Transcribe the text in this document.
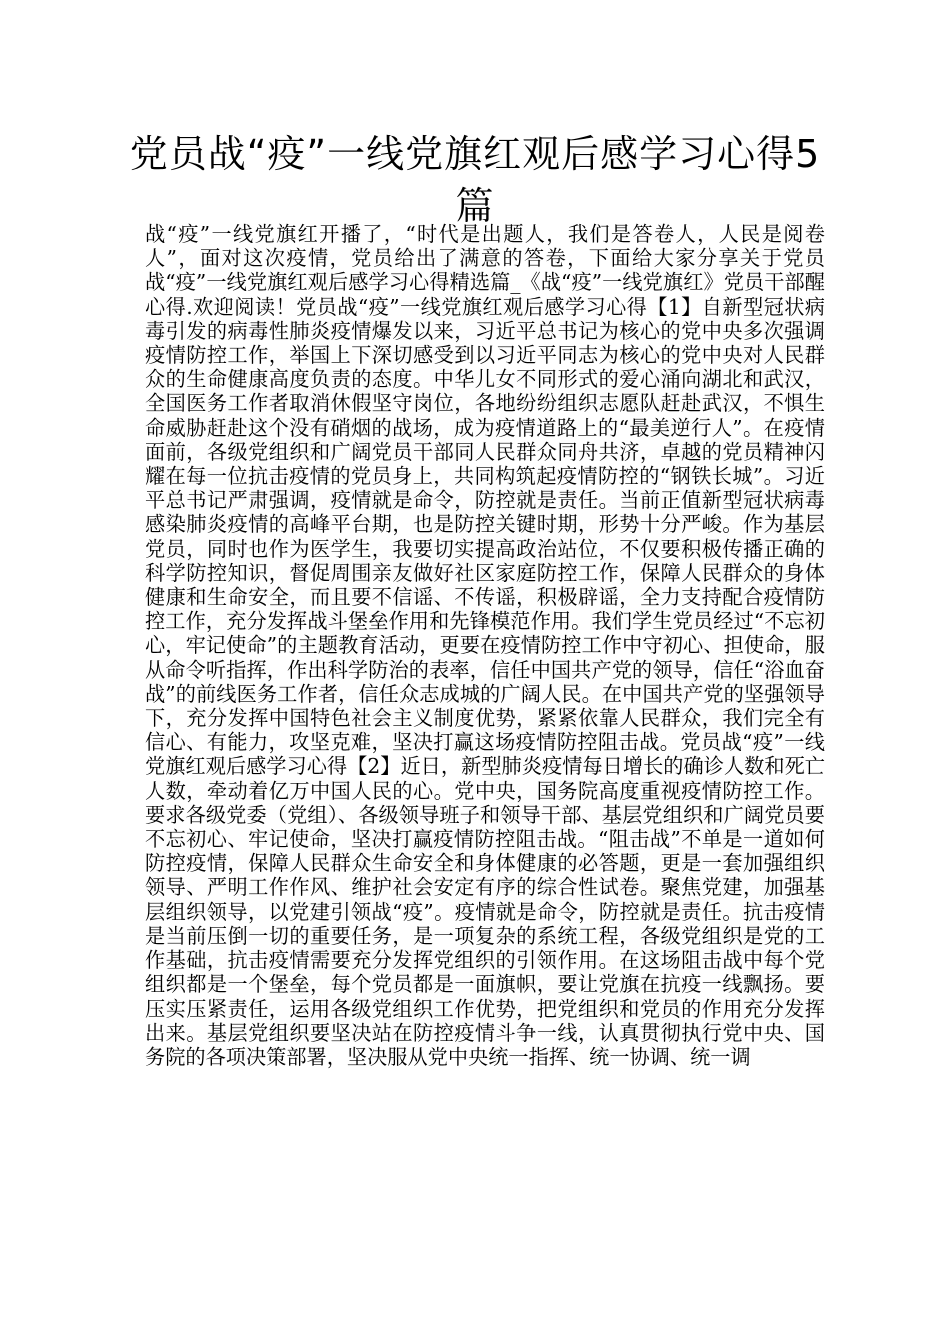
党员战“疫”一线党旗红观后感学习心得5篇

战“疫”一线党旗红开播了，“时代是出题人，我们是答卷人，人民是阅卷人”，面对这次疫情，党员给出了满意的答卷，下面给大家分享关于党员战“疫”一线党旗红观后感学习心得精选篇_《战“疫”一线党旗红》党员干部醒心得.欢迎阅读！党员战“疫”一线党旗红观后感学习心得【1】自新型冠状病毒引发的病毒性肺炎疫情爆发以来，习近平总书记为核心的党中央多次强调疫情防控工作，举国上下深切感受到以习近平同志为核心的党中央对人民群众的生命健康高度负责的态度。中华儿女不同形式的爱心涌向湖北和武汉，全国医务工作者取消休假坚守岗位，各地纷纷组织志愿队赶赴武汉，不惧生命威胁赶赴这个没有硝烟的战场，成为疫情道路上的“最美逆行人”。在疫情面前，各级党组织和广阔党员干部同人民群众同舟共济，卓越的党员精神闪耀在每一位抗击疫情的党员身上，共同构筑起疫情防控的“钢铁长城”。习近平总书记严肃强调，疫情就是命令，防控就是责任。当前正值新型冠状病毒感染肺炎疫情的高峰平台期，也是防控关键时期，形势十分严峻。作为基层党员，同时也作为医学生，我要切实提高政治站位，不仅要积极传播正确的科学防控知识，督促周围亲友做好社区家庭防控工作，保障人民群众的身体健康和生命安全，而且要不信谣、不传谣，积极辟谣，全力支持配合疫情防控工作，充分发挥战斗堡垒作用和先锋模范作用。我们学生党员经过“不忘初心，牢记使命”的主题教育活动，更要在疫情防控工作中守初心、担使命，服从命令听指挥，作出科学防治的表率，信任中国共产党的领导，信任“浴血奋战”的前线医务工作者，信任众志成城的广阔人民。在中国共产党的坚强领导下，充分发挥中国特色社会主义制度优势，紧紧依靠人民群众，我们完全有信心、有能力，攻坚克难，坚决打赢这场疫情防控阻击战。党员战“疫”一线党旗红观后感学习心得【2】近日，新型肺炎疫情每日增长的确诊人数和死亡人数，牵动着亿万中国人民的心。党中央，国务院高度重视疫情防控工作。要求各级党委（党组）、各级领导班子和领导干部、基层党组织和广阔党员要不忘初心、牢记使命，坚决打赢疫情防控阻击战。“阻击战”不单是一道如何防控疫情，保障人民群众生命安全和身体健康的必答题，更是一套加强组织领导、严明工作作风、维护社会安定有序的综合性试卷。聚焦党建，加强基层组织领导，以党建引领战“疫”。疫情就是命令，防控就是责任。抗击疫情是当前压倒一切的重要任务，是一项复杂的系统工程，各级党组织是党的工作基础，抗击疫情需要充分发挥党组织的引领作用。在这场阻击战中每个党组织都是一个堡垒，每个党员都是一面旗帜，要让党旗在抗疫一线飘扬。要压实压紧责任，运用各级党组织工作优势，把党组织和党员的作用充分发挥出来。基层党组织要坚决站在防控疫情斗争一线，认真贯彻执行党中央、国务院的各项决策部署，坚决服从党中央统一指挥、统一协调、统一调
